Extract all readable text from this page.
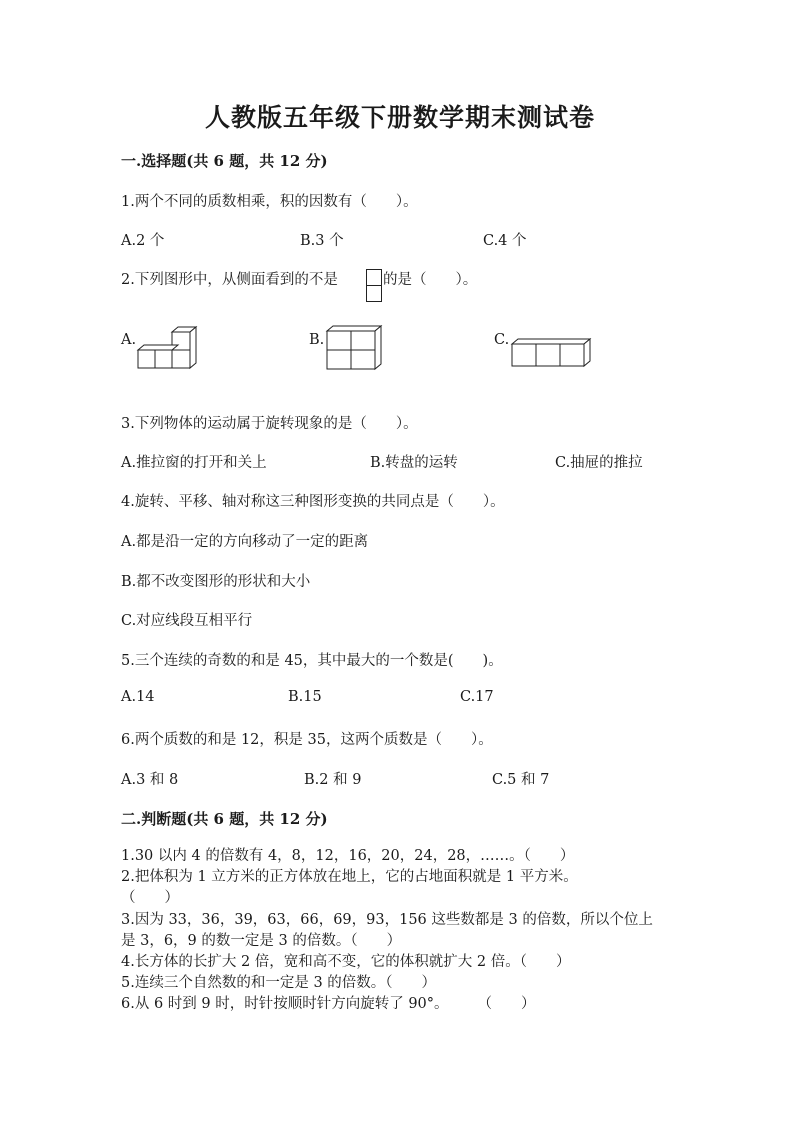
人教版五年级下册数学期末测试卷
一.选择题(共 6 题，共 12 分)
1.两个不同的质数相乘，积的因数有（　　）。
A.2 个	B.3 个	C.4 个
2.下列图形中，从侧面看到的不是	的是（　　）。
A.	B.	C.
3.下列物体的运动属于旋转现象的是（　　）。
A.推拉窗的打开和关上	B.转盘的运转	C.抽屉的推拉
4.旋转、平移、轴对称这三种图形变换的共同点是（　　）。
A.都是沿一定的方向移动了一定的距离
B.都不改变图形的形状和大小
C.对应线段互相平行
5.三个连续的奇数的和是 45，其中最大的一个数是(　　)。
A.14	B.15	C.17
6.两个质数的和是 12，积是 35，这两个质数是（　　）。
A.3 和 8	B.2 和 9	C.5 和 7
二.判断题(共 6 题，共 12 分)
1.30 以内 4 的倍数有 4，8，12，16，20，24，28，……。（　　）
2.把体积为 1 立方米的正方体放在地上，它的占地面积就是 1 平方米。
（　　）
3.因为 33，36，39，63，66，69，93，156 这些数都是 3 的倍数，所以个位上
是 3，6，9 的数一定是 3 的倍数。（　　）
4.长方体的长扩大 2 倍，宽和高不变，它的体积就扩大 2 倍。（　　）
5.连续三个自然数的和一定是 3 的倍数。（　　）
6.从 6 时到 9 时，时针按顺时针方向旋转了 90°。　　　（　　）
